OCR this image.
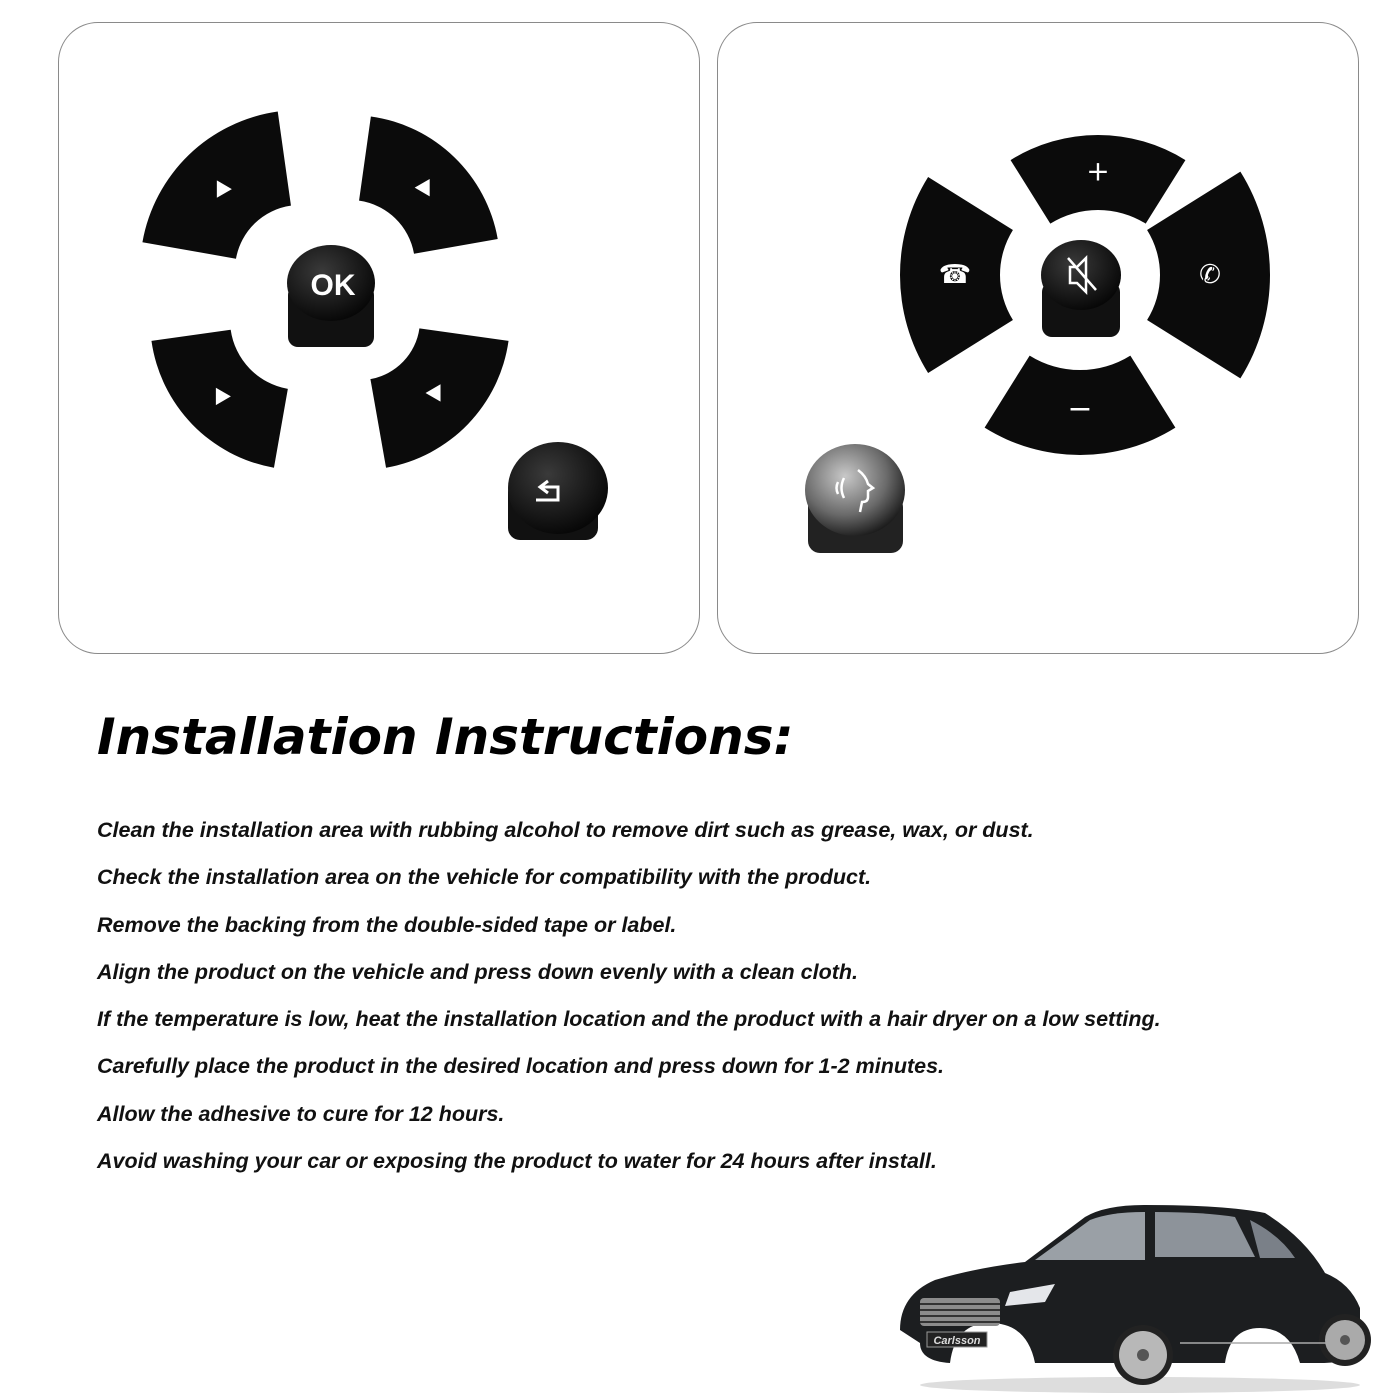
+
−
☎	✆
OK
Installation Instructions:
Clean the installation area with rubbing alcohol to remove dirt such as grease, wax, or dust.
Check the installation area on the vehicle for compatibility with the product.
Remove the backing from the double-sided tape or label.
Align the product on the vehicle and press down evenly with a clean cloth.
If the temperature is low, heat the installation location and the product with a hair dryer on a low setting.
Carefully place the product in the desired location and press down for 1-2 minutes.
Allow the adhesive to cure for 12 hours.
Avoid washing your car or exposing the product to water for 24 hours after install.
Carlsson
